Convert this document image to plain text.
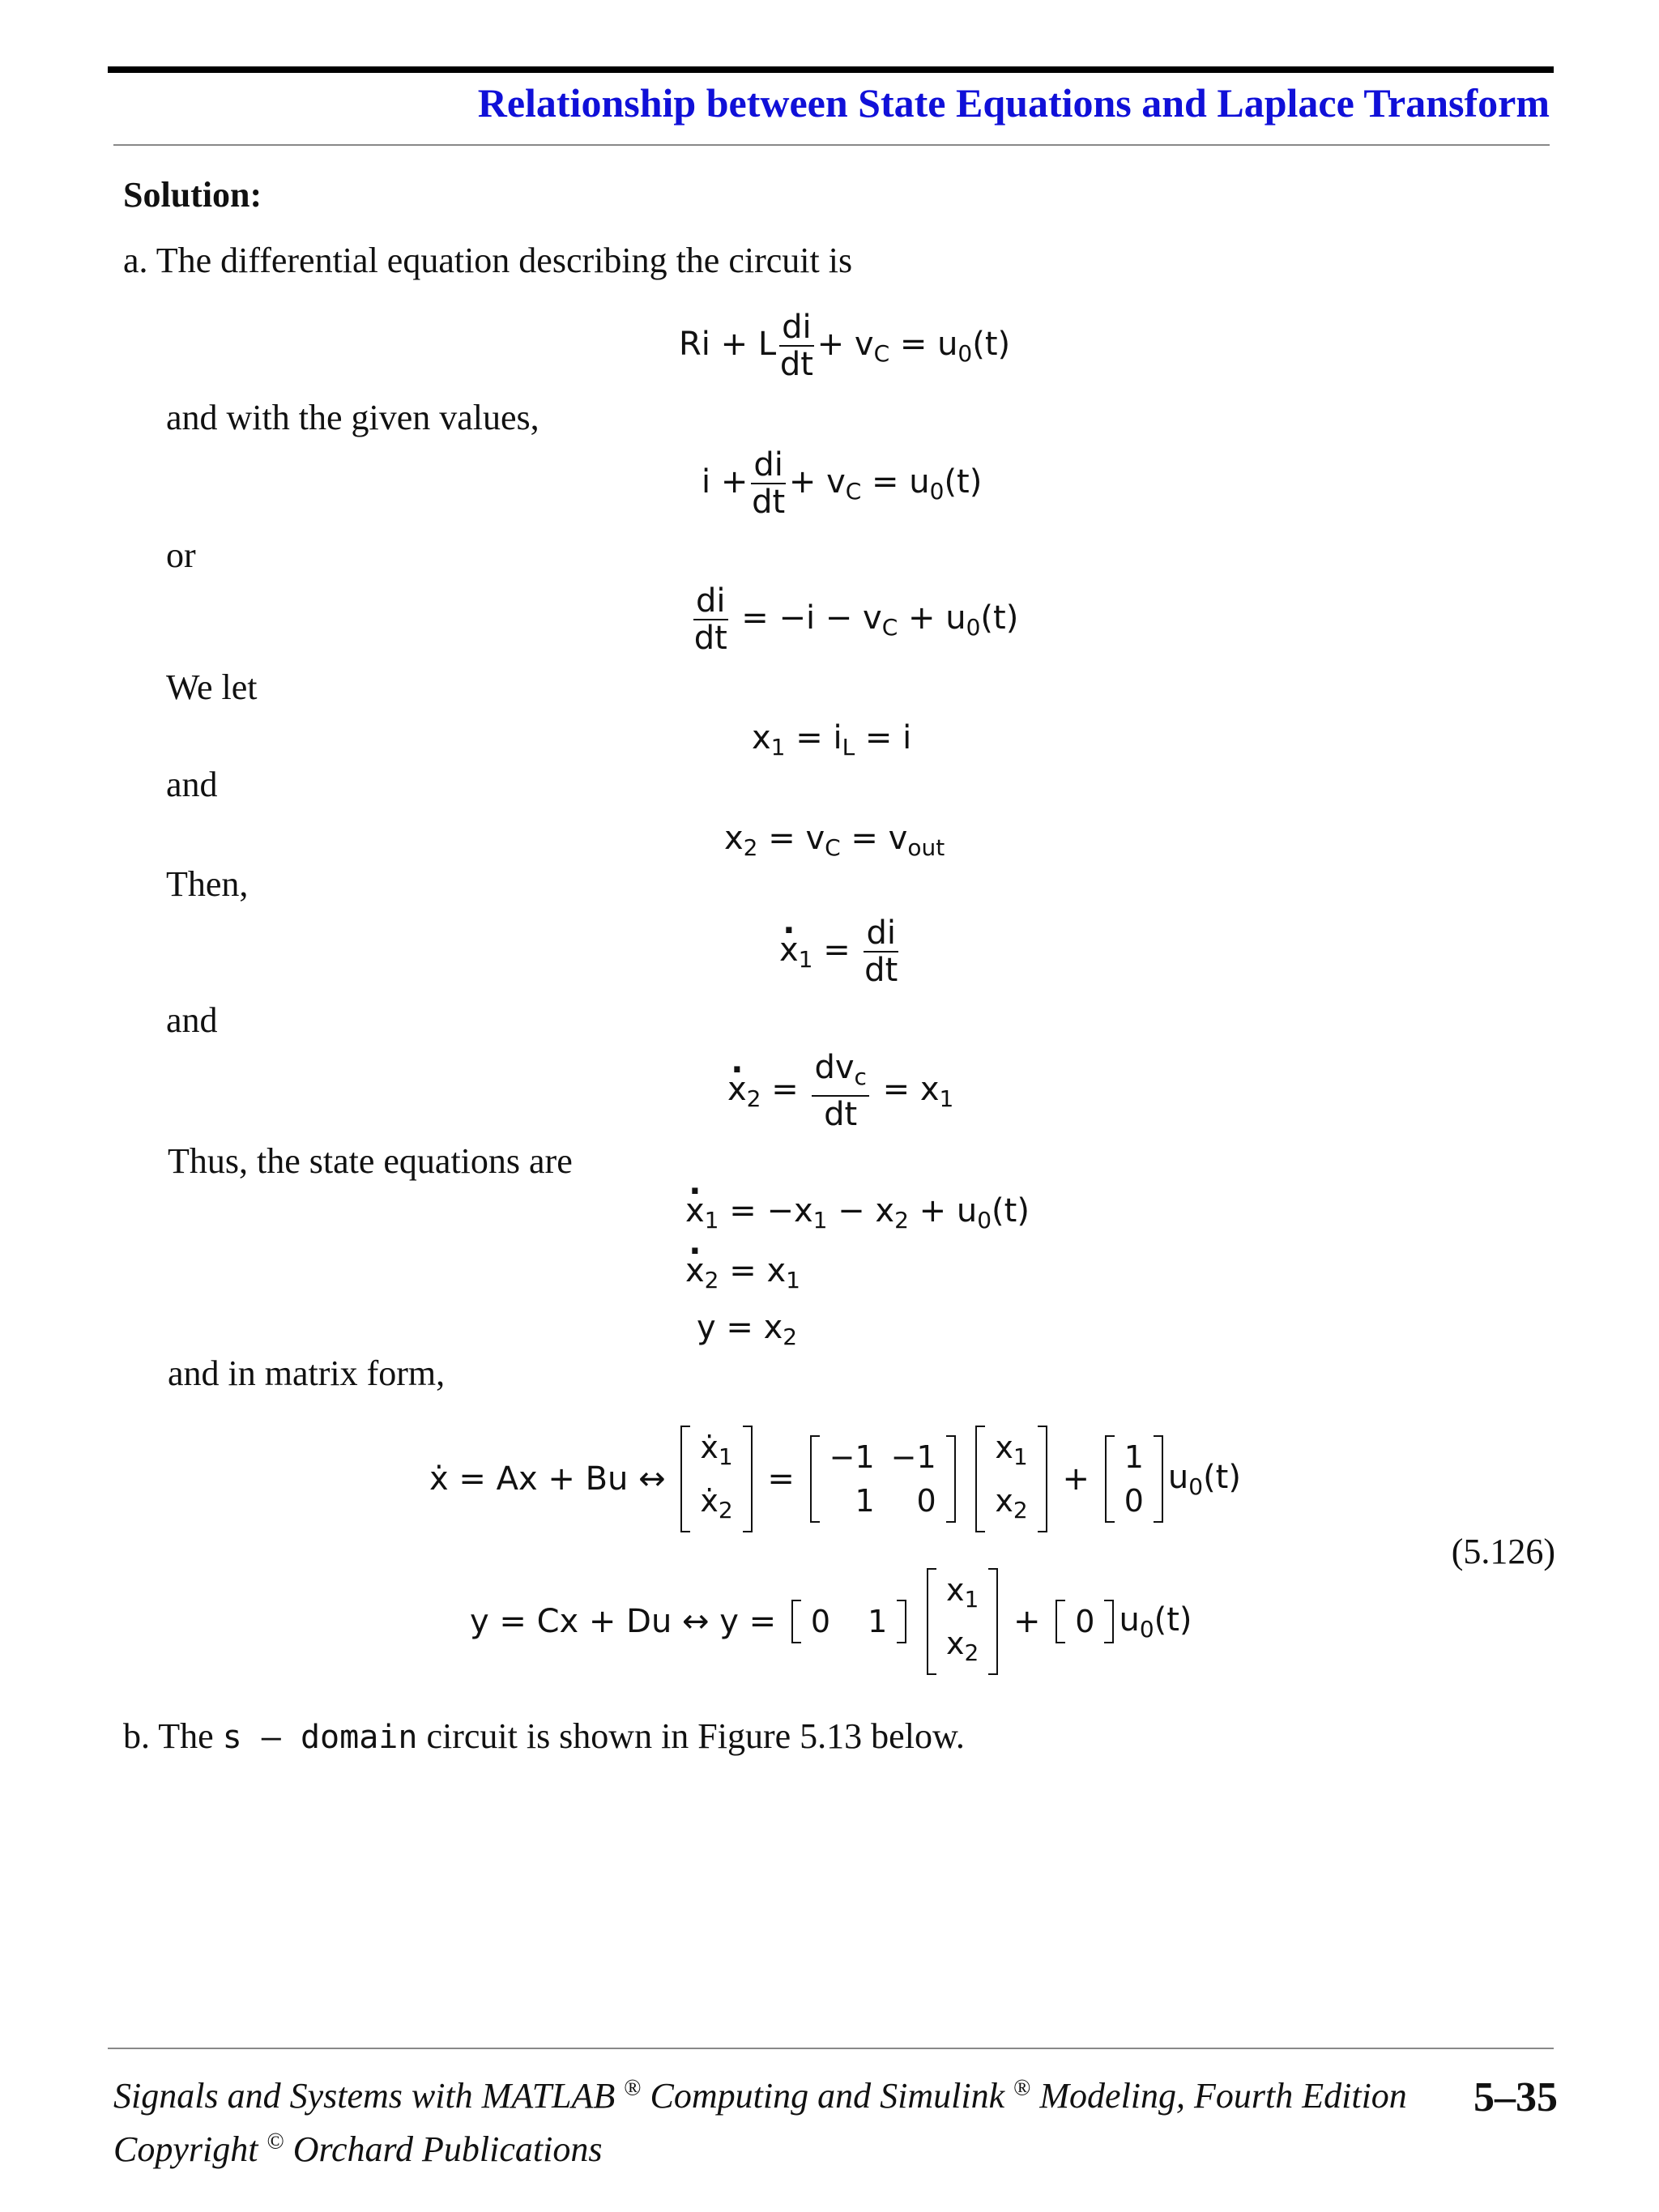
Relationship between State Equations and Laplace Transform
Solution:
a. The differential equation describing the circuit is
Ri + L $\frac{di}{dt} + v_C = u_0(t)$
and with the given values,
$i + \frac{di}{dt} + v_C = u_0(t)$
or
$\frac{di}{dt} = -i - v_C + u_0(t)$
We let
$x_1 = i_L = i$
and
$x_2 = v_C = v_{out}$
Then,
· $x_1 = \frac{di}{dt}$
and
· $x_2 = \frac{dv_c}{dt} = x_1$
Thus, the state equations are
· $x_1 = -x_1 - x_2 + u_0(t)$
· $x_2 = x_1$
$y = x_2$
and in matrix form,
ẋ = Ax + Bu ↔
ẋ$_1$
ẋ$_2$
=
−1	−1
1	0

$x_1$
$x_2$
+
1
0
$u_0(t)$
(5.126)
y = Cx + Du ↔ y = 0	1

$x_1$
$x_2$
+ 0 $u_0(t)$
b. The s – domain circuit is shown in Figure 5.13 below.
Signals and Systems with MATLAB ® Computing and Simulink ® Modeling, Fourth Edition
Copyright © Orchard Publications
5–35
